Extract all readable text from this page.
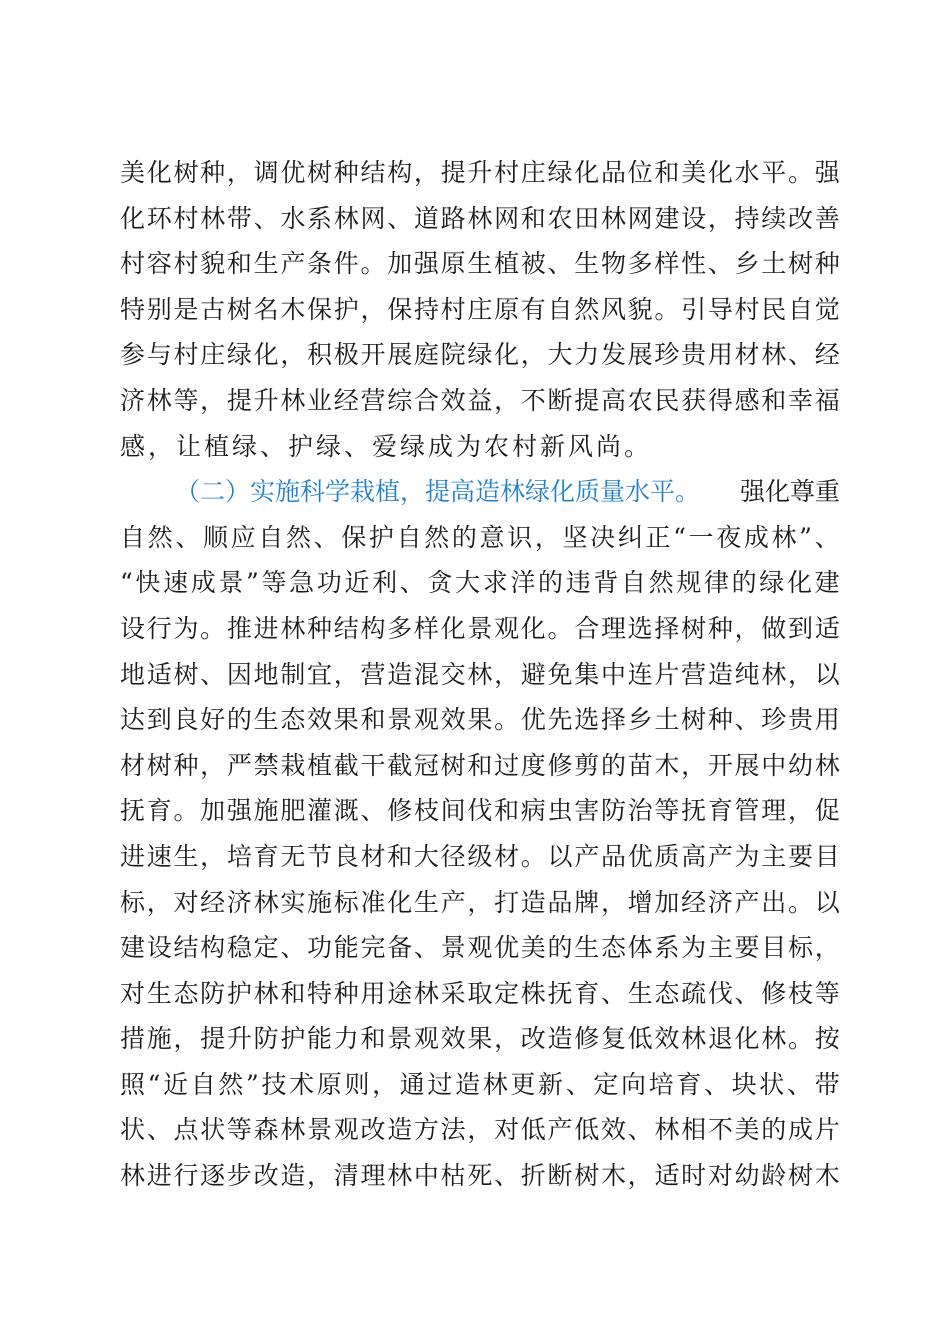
美 化 树 种 ， 调 优 树 种 结 构 ， 提 升 村 庄 绿 化 品 位 和 美 化 水 平 。 强
化 环 村 林 带 、 水 系 林 网 、 道 路 林 网 和 农 田 林 网 建 设 ， 持 续 改 善
村 容 村 貌 和 生 产 条 件 。 加 强 原 生 植 被 、 生 物 多 样 性 、 乡 土 树 种
特 别 是 古 树 名 木 保 护 ， 保 持 村 庄 原 有 自 然 风 貌 。 引 导 村 民 自 觉
参 与 村 庄 绿 化 ， 积 极 开 展 庭 院 绿 化 ， 大 力 发 展 珍 贵 用 材 林 、 经
济 林 等 ， 提 升 林 业 经 营 综 合 效 益 ， 不 断 提 高 农 民 获 得 感 和 幸 福
感，让植绿、护绿、爱绿成为农村新风尚。
（二）实施科学栽植，提高造林绿化质量水平。 强化尊重
自 然 、 顺 应 自 然 、 保 护 自 然 的 意 识 ， 坚 决 纠 正 “ 一 夜 成 林 ” 、
“ 快 速 成 景 ” 等 急 功 近 利 、 贪 大 求 洋 的 违 背 自 然 规 律 的 绿 化 建
设 行 为 。 推 进 林 种 结 构 多 样 化 景 观 化 。 合 理 选 择 树 种 ， 做 到 适
地 适 树 、 因 地 制 宜 ， 营 造 混 交 林 ， 避 免 集 中 连 片 营 造 纯 林 ， 以
达 到 良 好 的 生 态 效 果 和 景 观 效 果 。 优 先 选 择 乡 土 树 种 、 珍 贵 用
材 树 种 ， 严 禁 栽 植 截 干 截 冠 树 和 过 度 修 剪 的 苗 木 ， 开 展 中 幼 林
抚 育 。 加 强 施 肥 灌 溉 、 修 枝 间 伐 和 病 虫 害 防 治 等 抚 育 管 理 ， 促
进 速 生 ， 培 育 无 节 良 材 和 大 径 级 材 。 以 产 品 优 质 高 产 为 主 要 目
标 ， 对 经 济 林 实 施 标 准 化 生 产 ， 打 造 品 牌 ， 增 加 经 济 产 出 。 以
建 设 结 构 稳 定 、 功 能 完 备 、 景 观 优 美 的 生 态 体 系 为 主 要 目 标 ，
对 生 态 防 护 林 和 特 种 用 途 林 采 取 定 株 抚 育 、 生 态 疏 伐 、 修 枝 等
措 施 ， 提 升 防 护 能 力 和 景 观 效 果 ， 改 造 修 复 低 效 林 退 化 林 。 按
照 “ 近 自 然 ” 技 术 原 则 ， 通 过 造 林 更 新 、 定 向 培 育 、 块 状 、 带
状 、 点 状 等 森 林 景 观 改 造 方 法 ， 对 低 产 低 效 、 林 相 不 美 的 成 片
林 进 行 逐 步 改 造 ， 清 理 林 中 枯 死 、 折 断 树 木 ， 适 时 对 幼 龄 树 木
